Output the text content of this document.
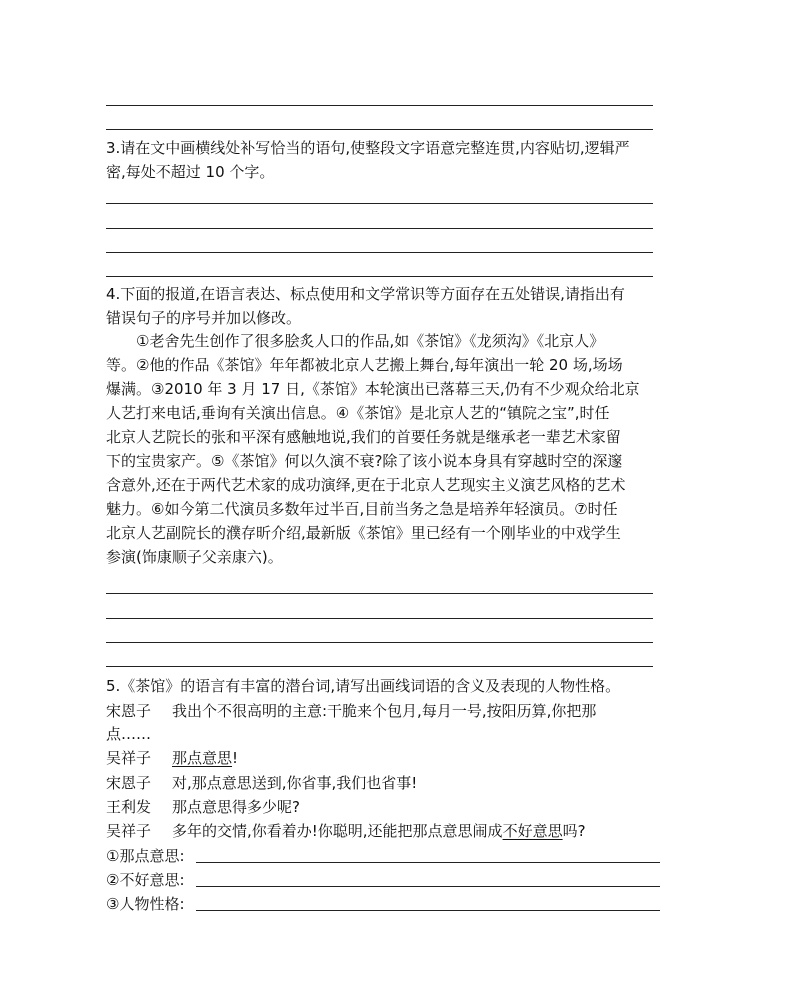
3.请在文中画横线处补写恰当的语句,使整段文字语意完整连贯,内容贴切,逻辑严
密,每处不超过 10 个字。
4.下面的报道,在语言表达、标点使用和文学常识等方面存在五处错误,请指出有
错误句子的序号并加以修改。
　　①老舍先生创作了很多脍炙人口的作品,如《茶馆》《龙须沟》《北京人》
等。②他的作品《茶馆》年年都被北京人艺搬上舞台,每年演出一轮 20 场,场场
爆满。③2010 年 3 月 17 日,《茶馆》本轮演出已落幕三天,仍有不少观众给北京
人艺打来电话,垂询有关演出信息。④《茶馆》是北京人艺的“镇院之宝”,时任
北京人艺院长的张和平深有感触地说,我们的首要任务就是继承老一辈艺术家留
下的宝贵家产。⑤《茶馆》何以久演不衰?除了该小说本身具有穿越时空的深邃
含意外,还在于两代艺术家的成功演绎,更在于北京人艺现实主义演艺风格的艺术
魅力。⑥如今第二代演员多数年过半百,目前当务之急是培养年轻演员。⑦时任
北京人艺副院长的濮存昕介绍,最新版《茶馆》里已经有一个刚毕业的中戏学生
参演(饰康顺子父亲康六)。
5.《茶馆》的语言有丰富的潜台词,请写出画线词语的含义及表现的人物性格。
宋恩子 我出个不很高明的主意:干脆来个包月,每月一号,按阳历算,你把那
点……
吴祥子 那点意思!
宋恩子 对,那点意思送到,你省事,我们也省事!
王利发 那点意思得多少呢?
吴祥子 多年的交情,你看着办!你聪明,还能把那点意思闹成不好意思吗?
①那点意思:
②不好意思:
③人物性格:
